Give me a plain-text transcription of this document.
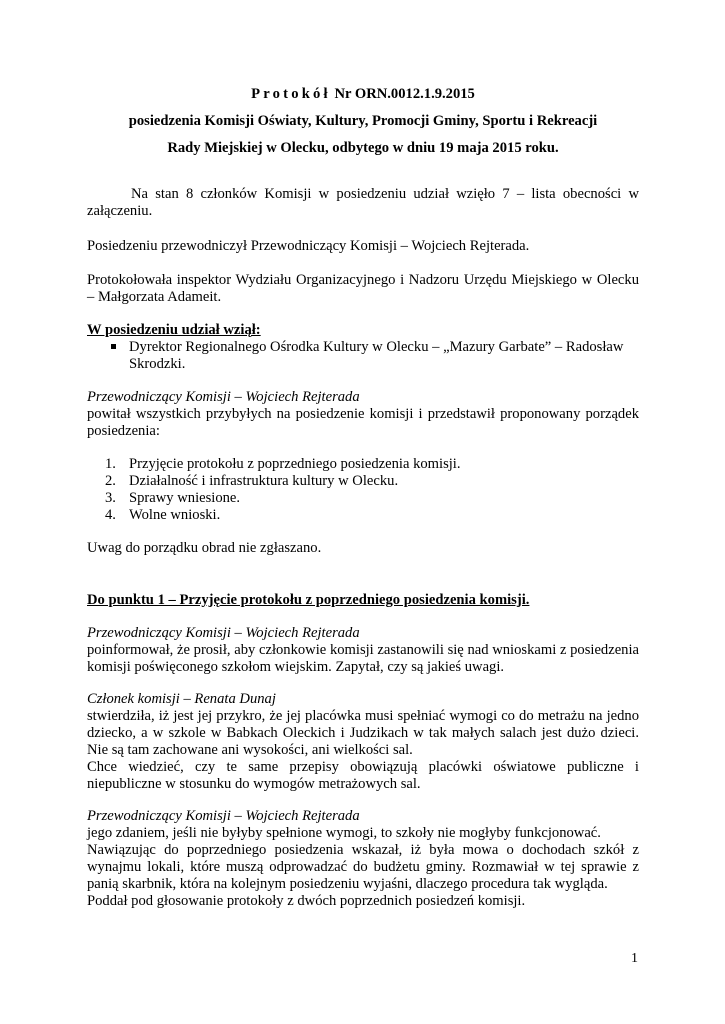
Protokół Nr ORN.0012.1.9.2015

posiedzenia Komisji Oświaty, Kultury, Promocji Gminy, Sportu i Rekreacji

Rady Miejskiej w Olecku, odbytego w dniu 19 maja 2015 roku.

Na stan 8 członków Komisji w posiedzeniu udział wzięło 7 – lista obecności w załączeniu.

Posiedzeniu przewodniczył Przewodniczący Komisji – Wojciech Rejterada.

Protokołowała inspektor Wydziału Organizacyjnego i Nadzoru Urzędu Miejskiego w Olecku – Małgorzata Adameit.

W posiedzeniu udział wziął:

Dyrektor Regionalnego Ośrodka Kultury w Olecku – „Mazury Garbate” – Radosław Skrodzki.

Przewodniczący Komisji – Wojciech Rejterada

powitał wszystkich przybyłych na posiedzenie komisji i przedstawił proponowany porządek posiedzenia:

1. Przyjęcie protokołu z poprzedniego posiedzenia komisji.
2. Działalność i infrastruktura kultury w Olecku.
3. Sprawy wniesione.
4. Wolne wnioski.

Uwag do porządku obrad nie zgłaszano.

Do punktu 1 – Przyjęcie protokołu z poprzedniego posiedzenia komisji.

Przewodniczący Komisji – Wojciech Rejterada

poinformował, że prosił, aby członkowie komisji zastanowili się nad wnioskami z posiedzenia komisji poświęconego szkołom wiejskim. Zapytał, czy są jakieś uwagi.

Członek komisji – Renata Dunaj

stwierdziła, iż jest jej przykro, że jej placówka musi spełniać wymogi co do metrażu na jedno dziecko, a w szkole w Babkach Oleckich i Judzikach w tak małych salach jest dużo dzieci. Nie są tam zachowane ani wysokości, ani wielkości sal.

Chce wiedzieć, czy te same przepisy obowiązują placówki oświatowe publiczne i niepubliczne w stosunku do wymogów metrażowych sal.

Przewodniczący Komisji – Wojciech Rejterada

jego zdaniem, jeśli nie byłyby spełnione wymogi, to szkoły nie mogłyby funkcjonować.

Nawiązując do poprzedniego posiedzenia wskazał, iż była mowa o dochodach szkół z wynajmu lokali, które muszą odprowadzać do budżetu gminy. Rozmawiał w tej sprawie z panią skarbnik, która na kolejnym posiedzeniu wyjaśni, dlaczego procedura tak wygląda.

Poddał pod głosowanie protokoły z dwóch poprzednich posiedzeń komisji.

1
